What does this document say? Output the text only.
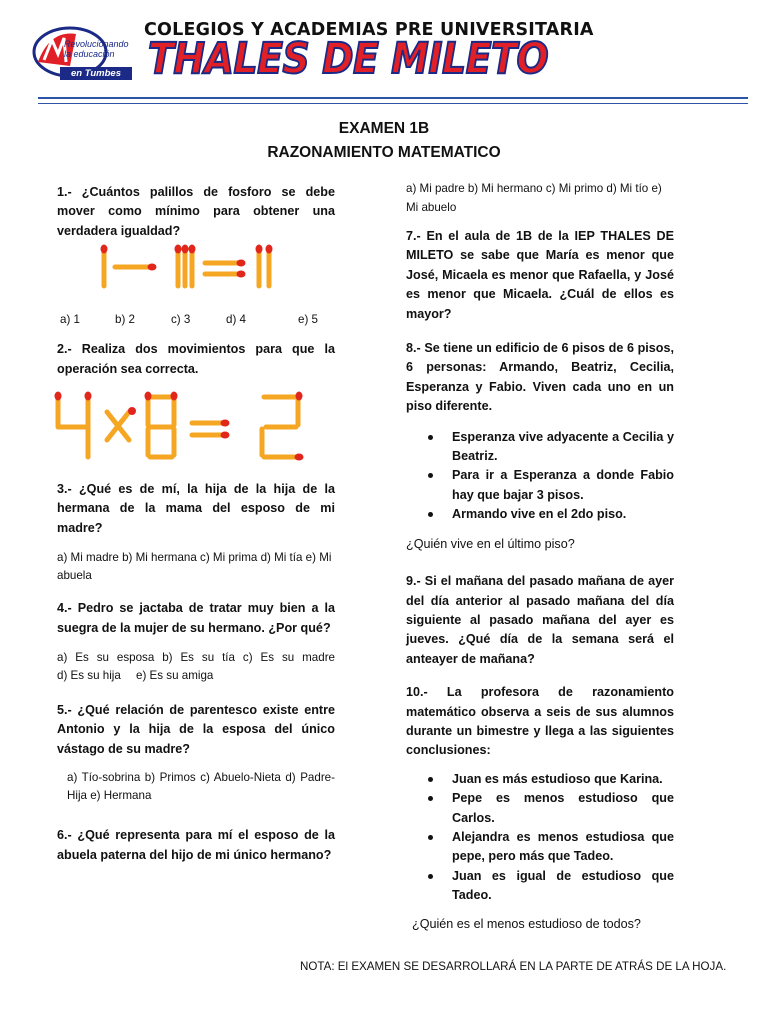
Revolucionando la educación
en Tumbes
COLEGIOS Y ACADEMIAS PRE UNIVERSITARIA
THALES DE MILETO
EXAMEN 1B
RAZONAMIENTO MATEMATICO

1.- ¿Cuántos palillos de fosforo se debe mover como mínimo para obtener una verdadera igualdad?

a) 1	b) 2	c) 3	d) 4	e) 5

2.- Realiza dos movimientos para que la operación sea correcta.

3.- ¿Qué es de mí, la hija de la hija de la hermana de la mama del esposo de mi madre?

a) Mi madre b) Mi hermana c) Mi prima d) Mi tía e) Mi abuela

4.- Pedro se jactaba de tratar muy bien a la suegra de la mujer de su hermano. ¿Por qué?

a) Es su esposa b) Es su tía c) Es su madre

d) Es su hija e) Es su amiga

5.- ¿Qué relación de parentesco existe entre Antonio y la hija de la esposa del único vástago de su madre?

a) Tío-sobrina b) Primos c) Abuelo-Nieta d) Padre-Hija e) Hermana

6.- ¿Qué representa para mí el esposo de la abuela paterna del hijo de mi único hermano?

a) Mi padre b) Mi hermano c) Mi primo d) Mi tío e) Mi abuelo

7.- En el aula de 1B de la IEP THALES DE MILETO se sabe que María es menor que José, Micaela es menor que Rafaella, y José es menor que Micaela. ¿Cuál de ellos es mayor?

8.- Se tiene un edificio de 6 pisos de 6 pisos, 6 personas: Armando, Beatriz, Cecilia, Esperanza y Fabio. Viven cada uno en un piso diferente.

Esperanza vive adyacente a Cecilia y Beatriz.
Para ir a Esperanza a donde Fabio hay que bajar 3 pisos.
Armando vive en el 2do piso.

¿Quién vive en el último piso?

9.- Si el mañana del pasado mañana de ayer del día anterior al pasado mañana del día siguiente al pasado mañana del ayer es jueves. ¿Qué día de la semana será el anteayer de mañana?

10.- La profesora de razonamiento matemático observa a seis de sus alumnos durante un bimestre y llega a las siguientes conclusiones:

Juan es más estudioso que Karina.
Pepe es menos estudioso que Carlos.
Alejandra es menos estudiosa que pepe, pero más que Tadeo.
Juan es igual de estudioso que Tadeo.

¿Quién es el menos estudioso de todos?

NOTA: El EXAMEN SE DESARROLLARÁ EN LA PARTE DE ATRÁS DE LA HOJA.
